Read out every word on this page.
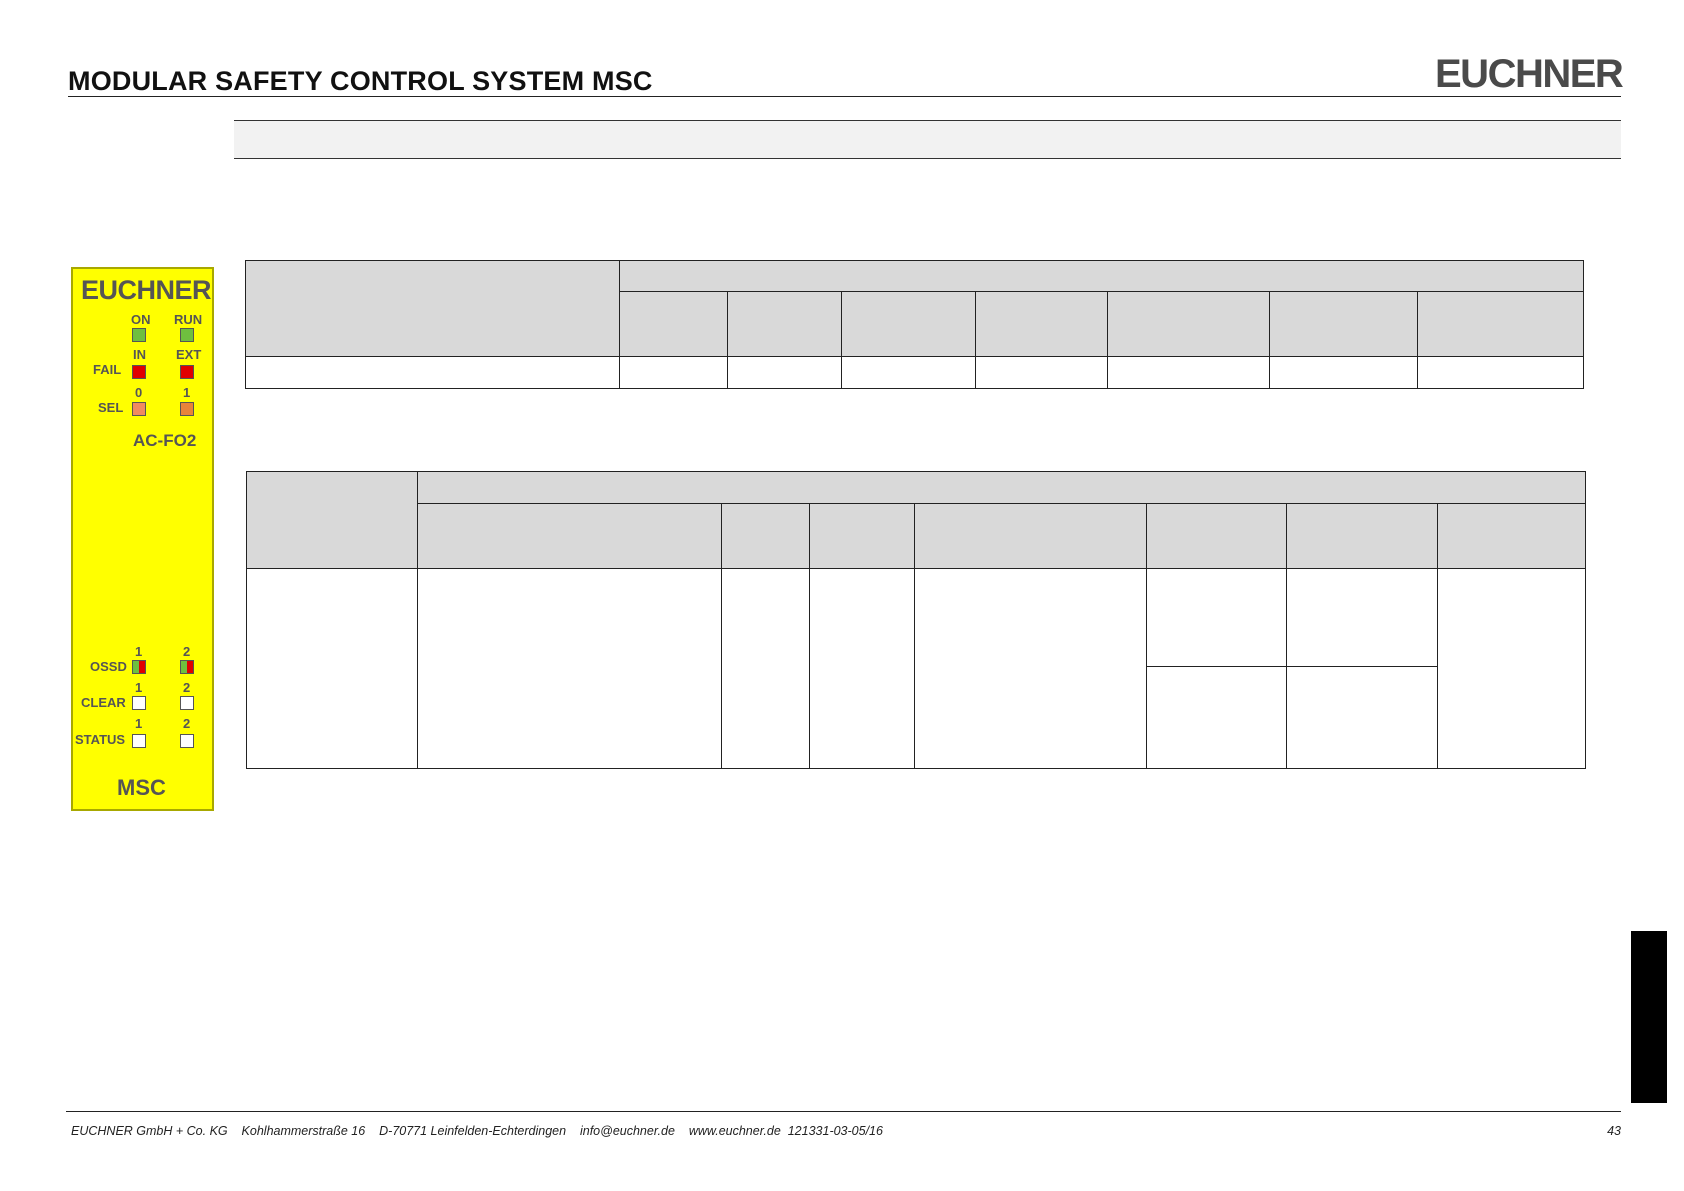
MODULAR SAFETY CONTROL SYSTEM MSC	EUCHNER
EUCHNER
ON RUN
IN EXT
FAIL
0	1
SEL
AC-FO2
1	2
OSSD
1	2
CLEAR
1	2
STATUS
MSC
EUCHNER GmbH + Co. KG Kohlhammerstraße 16 D-70771 Leinfelden-Echterdingen info@euchner.de www.euchner.de 121331-03-05/16	43
